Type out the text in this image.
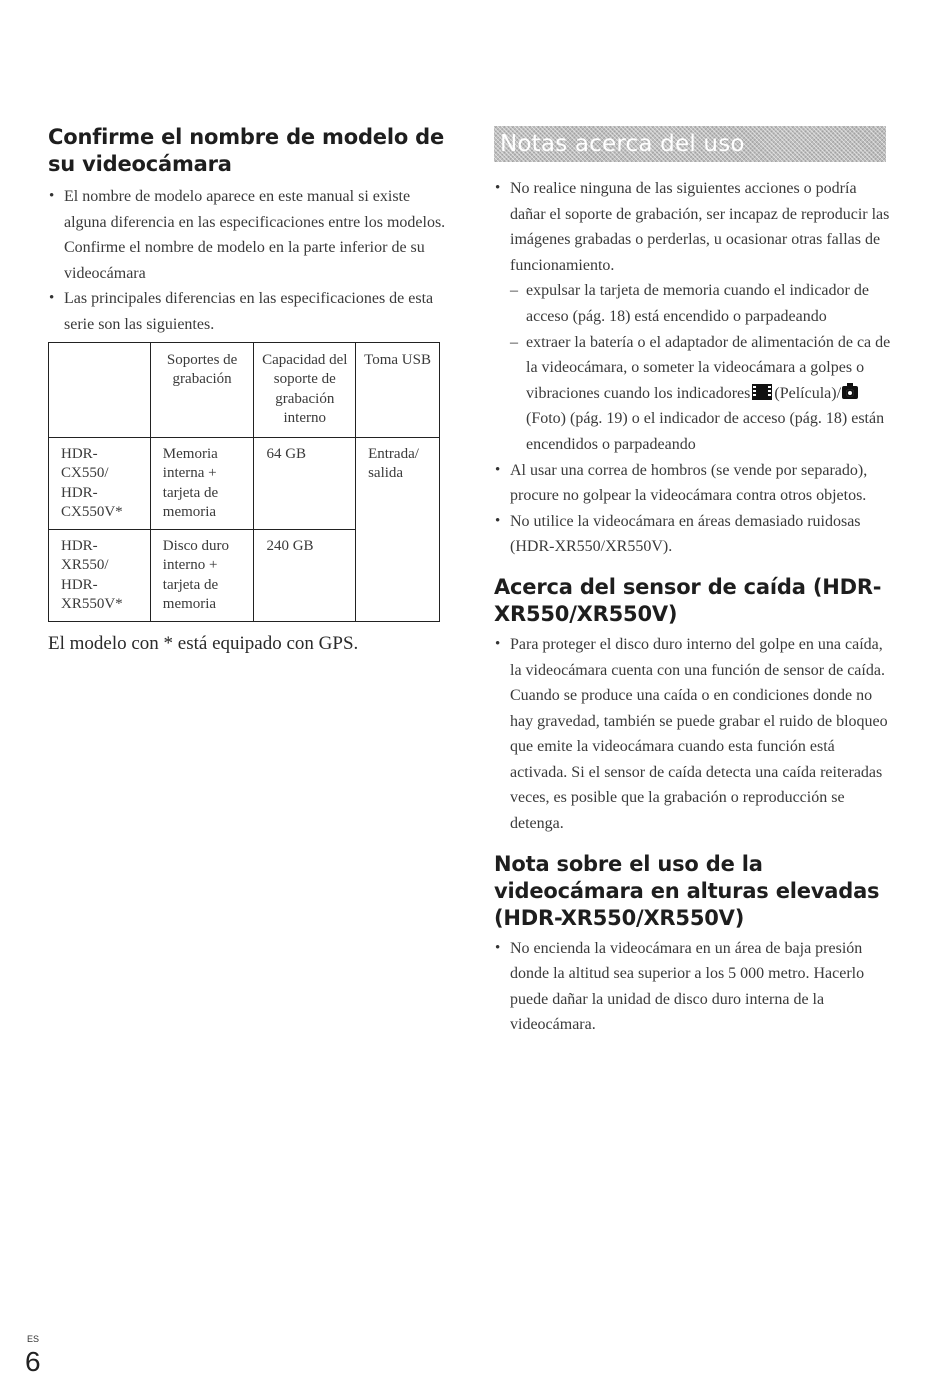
Confirme el nombre de modelo de su videocámara
• El nombre de modelo aparece en este manual si existe alguna diferencia en las especificaciones entre los modelos. Confirme el nombre de modelo en la parte inferior de su videocámara
• Las principales diferencias en las especificaciones de esta serie son las siguientes.
	Soportes de grabación	Capacidad del soporte de grabación interno	Toma USB
HDR-CX550/ HDR-CX550V*	Memoria interna + tarjeta de memoria	64 GB	Entrada/ salida
HDR-XR550/ HDR-XR550V*	Disco duro interno + tarjeta de memoria	240 GB	
El modelo con * está equipado con GPS.
Notas acerca del uso
• No realice ninguna de las siguientes acciones o podría dañar el soporte de grabación, ser incapaz de reproducir las imágenes grabadas o perderlas, u ocasionar otras fallas de funcionamiento.
– expulsar la tarjeta de memoria cuando el indicador de acceso (pág. 18) está encendido o parpadeando
– extraer la batería o el adaptador de alimentación de ca de la videocámara, o someter la videocámara a golpes o vibraciones cuando los indicadores (Película)/ (Foto) (pág. 19) o el indicador de acceso (pág. 18) están encendidos o parpadeando
• Al usar una correa de hombros (se vende por separado), procure no golpear la videocámara contra otros objetos.
• No utilice la videocámara en áreas demasiado ruidosas (HDR-XR550/XR550V).
Acerca del sensor de caída (HDR-XR550/XR550V)
• Para proteger el disco duro interno del golpe en una caída, la videocámara cuenta con una función de sensor de caída. Cuando se produce una caída o en condiciones donde no hay gravedad, también se puede grabar el ruido de bloqueo que emite la videocámara cuando esta función está activada. Si el sensor de caída detecta una caída reiteradas veces, es posible que la grabación o reproducción se detenga.
Nota sobre el uso de la videocámara en alturas elevadas (HDR-XR550/XR550V)
• No encienda la videocámara en un área de baja presión donde la altitud sea superior a los 5 000 metro. Hacerlo puede dañar la unidad de disco duro interna de la videocámara.
ES
6
